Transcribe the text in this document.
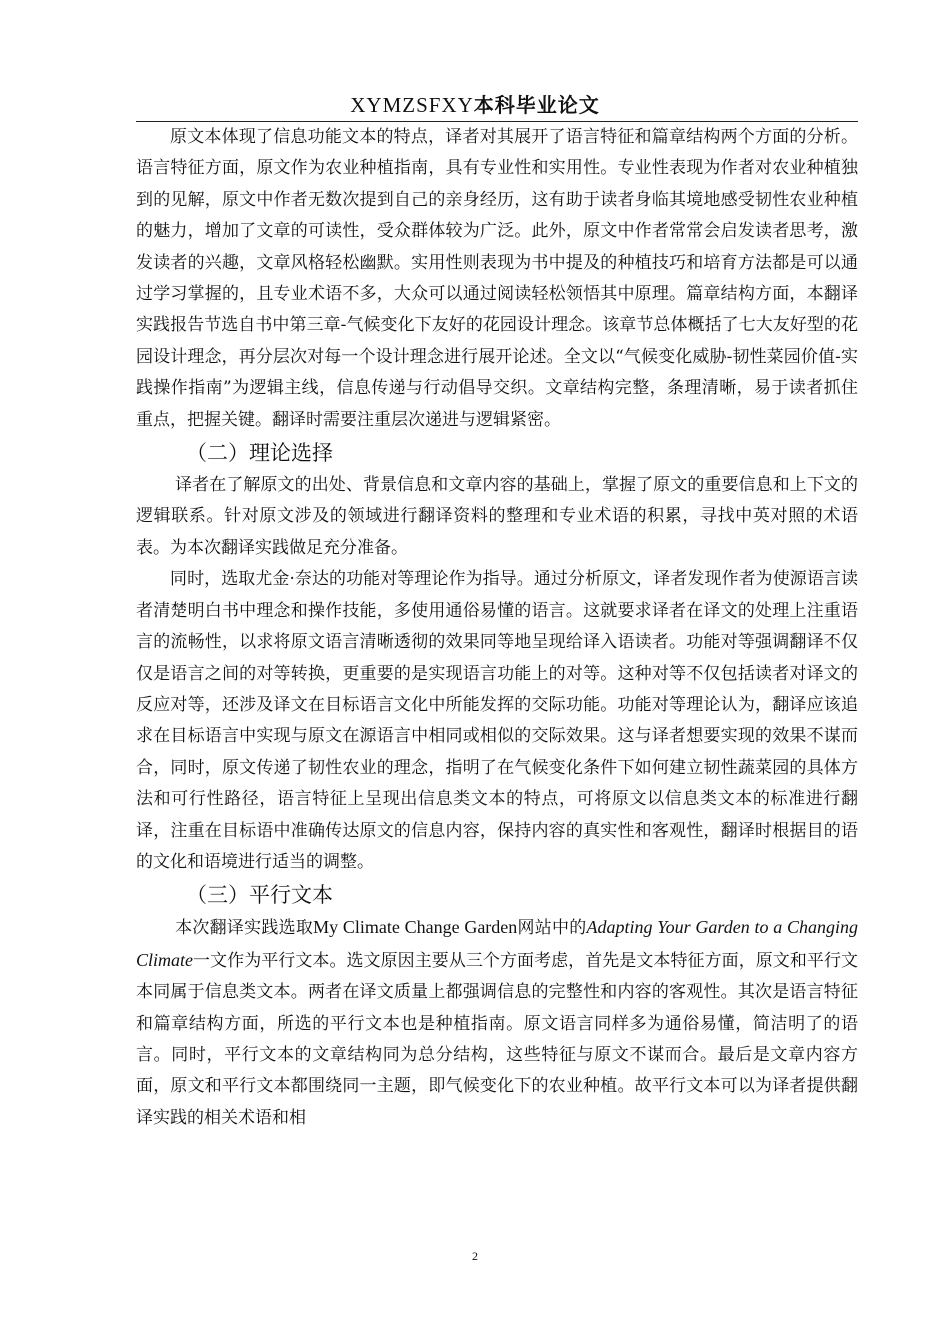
XYMZSFXY本科毕业论文

原文本体现了信息功能文本的特点，译者对其展开了语言特征和篇章结构两个方面的分析。语言特征方面，原文作为农业种植指南，具有专业性和实用性。专业性表现为作者对农业种植独到的见解，原文中作者无数次提到自己的亲身经历，这有助于读者身临其境地感受韧性农业种植的魅力，增加了文章的可读性，受众群体较为广泛。此外，原文中作者常常会启发读者思考，激发读者的兴趣，文章风格轻松幽默。实用性则表现为书中提及的种植技巧和培育方法都是可以通过学习掌握的，且专业术语不多，大众可以通过阅读轻松领悟其中原理。篇章结构方面，本翻译实践报告节选自书中第三章-气候变化下友好的花园设计理念。该章节总体概括了七大友好型的花园设计理念，再分层次对每一个设计理念进行展开论述。全文以“气候变化威胁-韧性菜园价值-实践操作指南”为逻辑主线，信息传递与行动倡导交织。文章结构完整，条理清晰，易于读者抓住重点，把握关键。翻译时需要注重层次递进与逻辑紧密。

（二）理论选择

译者在了解原文的出处、背景信息和文章内容的基础上，掌握了原文的重要信息和上下文的逻辑联系。针对原文涉及的领域进行翻译资料的整理和专业术语的积累，寻找中英对照的术语表。为本次翻译实践做足充分准备。

同时，选取尤金·奈达的功能对等理论作为指导。通过分析原文，译者发现作者为使源语言读者清楚明白书中理念和操作技能，多使用通俗易懂的语言。这就要求译者在译文的处理上注重语言的流畅性，以求将原文语言清晰透彻的效果同等地呈现给译入语读者。功能对等强调翻译不仅仅是语言之间的对等转换，更重要的是实现语言功能上的对等。这种对等不仅包括读者对译文的反应对等，还涉及译文在目标语言文化中所能发挥的交际功能。功能对等理论认为，翻译应该追求在目标语言中实现与原文在源语言中相同或相似的交际效果。这与译者想要实现的效果不谋而合，同时，原文传递了韧性农业的理念，指明了在气候变化条件下如何建立韧性蔬菜园的具体方法和可行性路径，语言特征上呈现出信息类文本的特点，可将原文以信息类文本的标准进行翻译，注重在目标语中准确传达原文的信息内容，保持内容的真实性和客观性，翻译时根据目的语的文化和语境进行适当的调整。

（三）平行文本

本次翻译实践选取My Climate Change Garden网站中的Adapting Your Garden to a Changing Climate一文作为平行文本。选文原因主要从三个方面考虑，首先是文本特征方面，原文和平行文本同属于信息类文本。两者在译文质量上都强调信息的完整性和内容的客观性。其次是语言特征和篇章结构方面，所选的平行文本也是种植指南。原文语言同样多为通俗易懂，简洁明了的语言。同时，平行文本的文章结构同为总分结构，这些特征与原文不谋而合。最后是文章内容方面，原文和平行文本都围绕同一主题，即气候变化下的农业种植。故平行文本可以为译者提供翻译实践的相关术语和相

2
